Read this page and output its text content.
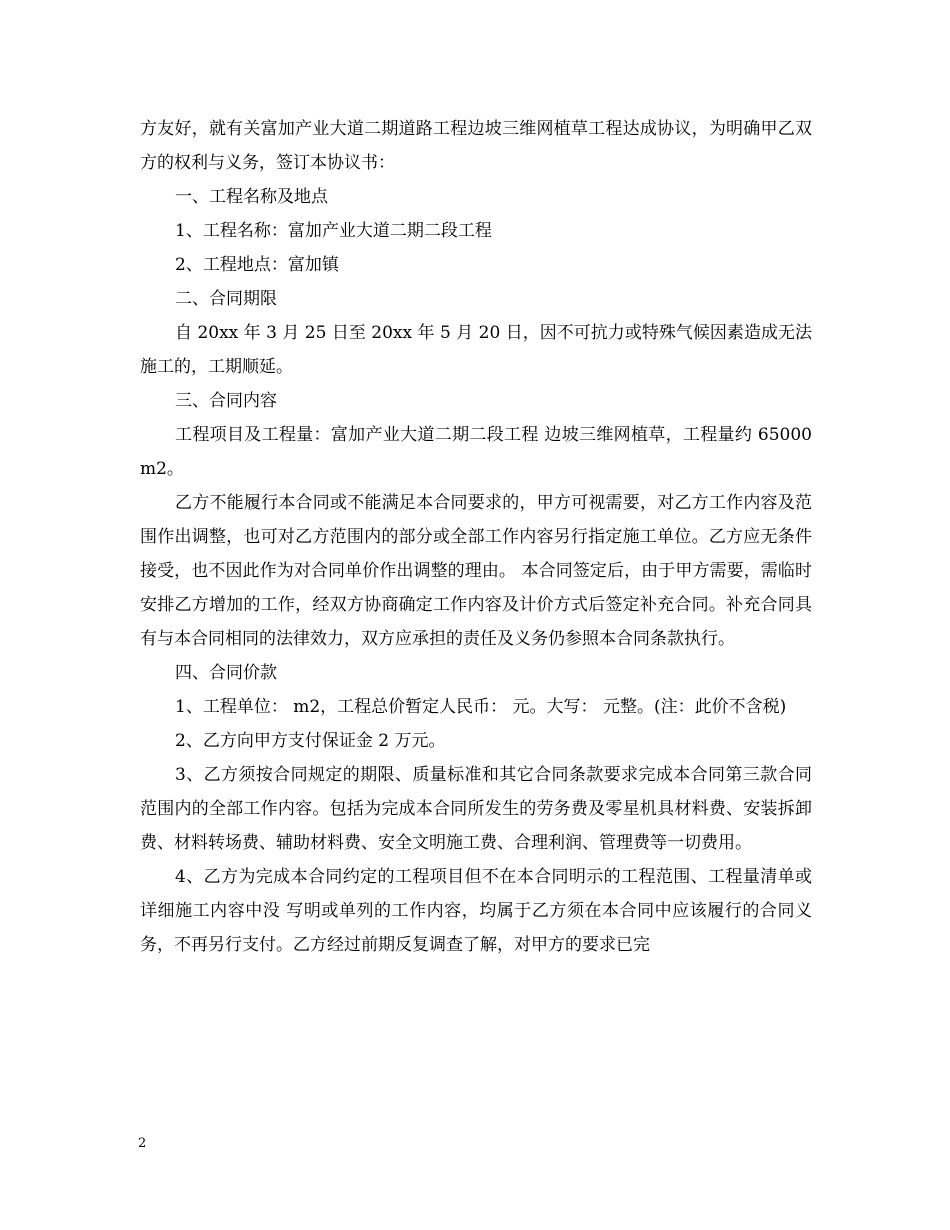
方友好，就有关富加产业大道二期道路工程边坡三维网植草工程达成协议，为明确甲乙双方的权利与义务，签订本协议书：

一、工程名称及地点

1、工程名称：富加产业大道二期二段工程

2、工程地点：富加镇

二、合同期限

自 20xx 年 3 月 25 日至 20xx 年 5 月 20 日，因不可抗力或特殊气候因素造成无法施工的，工期顺延。

三、合同内容

工程项目及工程量：富加产业大道二期二段工程 边坡三维网植草，工程量约 65000 m2。

乙方不能履行本合同或不能满足本合同要求的，甲方可视需要，对乙方工作内容及范围作出调整，也可对乙方范围内的部分或全部工作内容另行指定施工单位。乙方应无条件接受，也不因此作为对合同单价作出调整的理由。 本合同签定后，由于甲方需要，需临时安排乙方增加的工作，经双方协商确定工作内容及计价方式后签定补充合同。补充合同具有与本合同相同的法律效力，双方应承担的责任及义务仍参照本合同条款执行。

四、合同价款

1、工程单位： m2，工程总价暂定人民币： 元。大写： 元整。(注：此价不含税)

2、乙方向甲方支付保证金 2 万元。

3、乙方须按合同规定的期限、质量标准和其它合同条款要求完成本合同第三款合同范围内的全部工作内容。包括为完成本合同所发生的劳务费及零星机具材料费、安装拆卸费、材料转场费、辅助材料费、安全文明施工费、合理利润、管理费等一切费用。

4、乙方为完成本合同约定的工程项目但不在本合同明示的工程范围、工程量清单或详细施工内容中没 写明或单列的工作内容，均属于乙方须在本合同中应该履行的合同义务，不再另行支付。乙方经过前期反复调查了解，对甲方的要求已完

2
